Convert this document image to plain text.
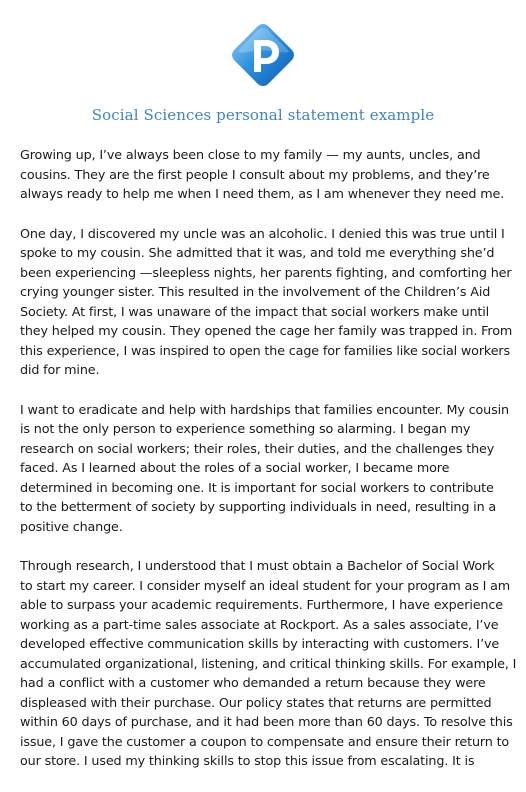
Social Sciences personal statement example

Growing up, I’ve always been close to my family — my aunts, uncles, and
cousins. They are the first people I consult about my problems, and they’re
always ready to help me when I need them, as I am whenever they need me.

One day, I discovered my uncle was an alcoholic. I denied this was true until I
spoke to my cousin. She admitted that it was, and told me everything she’d
been experiencing —sleepless nights, her parents fighting, and comforting her
crying younger sister. This resulted in the involvement of the Children’s Aid
Society. At first, I was unaware of the impact that social workers make until
they helped my cousin. They opened the cage her family was trapped in. From
this experience, I was inspired to open the cage for families like social workers
did for mine.

I want to eradicate and help with hardships that families encounter. My cousin
is not the only person to experience something so alarming. I began my
research on social workers; their roles, their duties, and the challenges they
faced. As I learned about the roles of a social worker, I became more
determined in becoming one. It is important for social workers to contribute
to the betterment of society by supporting individuals in need, resulting in a
positive change.

Through research, I understood that I must obtain a Bachelor of Social Work
to start my career. I consider myself an ideal student for your program as I am
able to surpass your academic requirements. Furthermore, I have experience
working as a part-time sales associate at Rockport. As a sales associate, I’ve
developed effective communication skills by interacting with customers. I’ve
accumulated organizational, listening, and critical thinking skills. For example, I
had a conflict with a customer who demanded a return because they were
displeased with their purchase. Our policy states that returns are permitted
within 60 days of purchase, and it had been more than 60 days. To resolve this
issue, I gave the customer a coupon to compensate and ensure their return to
our store. I used my thinking skills to stop this issue from escalating. It is
